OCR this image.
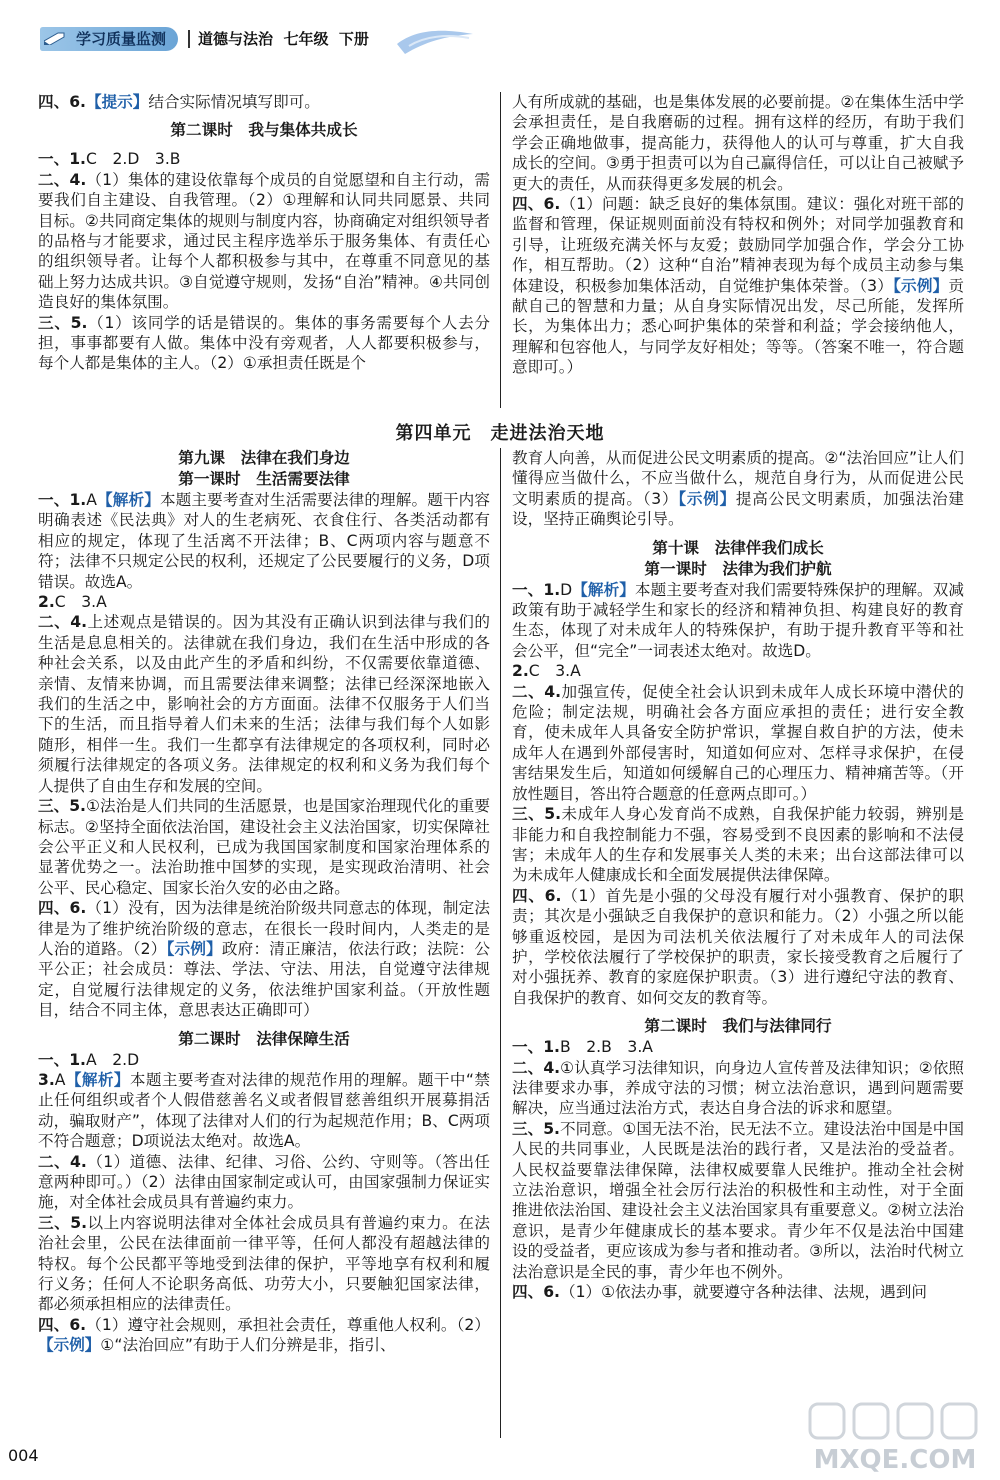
学习质量监测	道德与法治  七年级  下册

四、6.【提示】结合实际情况填写即可。

第二课时　我与集体共成长

一、1.C　2.D　3.B

二、4.（1）集体的建设依靠每个成员的自觉愿望和自主行动，需要我们自主建设、自我管理。（2）①理解和认同共同愿景、共同目标。②共同商定集体的规则与制度内容，协商确定对组织领导者的品格与才能要求，通过民主程序选举乐于服务集体、有责任心的组织领导者。让每个人都积极参与其中，在尊重不同意见的基础上努力达成共识。③自觉遵守规则，发扬“自治”精神。④共同创造良好的集体氛围。

三、5.（1）该同学的话是错误的。集体的事务需要每个人去分担，事事都要有人做。集体中没有旁观者，人人都要积极参与，每个人都是集体的主人。（2）①承担责任既是个

人有所成就的基础，也是集体发展的必要前提。②在集体生活中学会承担责任，是自我磨砺的过程。拥有这样的经历，有助于我们学会正确地做事，提高能力，获得他人的认可与尊重，扩大自我成长的空间。③勇于担责可以为自己赢得信任，可以让自己被赋予更大的责任，从而获得更多发展的机会。

四、6.（1）问题：缺乏良好的集体氛围。建议：强化对班干部的监督和管理，保证规则面前没有特权和例外；对同学加强教育和引导，让班级充满关怀与友爱；鼓励同学加强合作，学会分工协作，相互帮助。（2）这种“自治”精神表现为每个成员主动参与集体建设，积极参加集体活动，自觉维护集体荣誉。（3）【示例】贡献自己的智慧和力量；从自身实际情况出发，尽己所能，发挥所长，为集体出力；悉心呵护集体的荣誉和利益；学会接纳他人，理解和包容他人，与同学友好相处；等等。（答案不唯一，符合题意即可。）

第四单元　走进法治天地

第九课　法律在我们身边

第一课时　生活需要法律

一、1.A【解析】本题主要考查对生活需要法律的理解。题干内容明确表述《民法典》对人的生老病死、衣食住行、各类活动都有相应的规定，体现了生活离不开法律；B、C两项内容与题意不符；法律不只规定公民的权利，还规定了公民要履行的义务，D项错误。故选A。

2.C　3.A

二、4.上述观点是错误的。因为其没有正确认识到法律与我们的生活是息息相关的。法律就在我们身边，我们在生活中形成的各种社会关系，以及由此产生的矛盾和纠纷，不仅需要依靠道德、亲情、友情来协调，而且需要法律来调整；法律已经深深地嵌入我们的生活之中，影响社会的方方面面。法律不仅服务于人们当下的生活，而且指导着人们未来的生活；法律与我们每个人如影随形，相伴一生。我们一生都享有法律规定的各项权利，同时必须履行法律规定的各项义务。法律规定的权利和义务为我们每个人提供了自由生存和发展的空间。

三、5.①法治是人们共同的生活愿景，也是国家治理现代化的重要标志。②坚持全面依法治国，建设社会主义法治国家，切实保障社会公平正义和人民权利，已成为我国国家制度和国家治理体系的显著优势之一。法治助推中国梦的实现，是实现政治清明、社会公平、民心稳定、国家长治久安的必由之路。

四、6.（1）没有，因为法律是统治阶级共同意志的体现，制定法律是为了维护统治阶级的意志，在很长一段时间内，人类走的是人治的道路。（2）【示例】政府：清正廉洁，依法行政；法院：公平公正；社会成员：尊法、学法、守法、用法，自觉遵守法律规定，自觉履行法律规定的义务，依法维护国家利益。（开放性题目，结合不同主体，意思表达正确即可）

第二课时　法律保障生活

一、1.A　2.D

3.A【解析】本题主要考查对法律的规范作用的理解。题干中“禁止任何组织或者个人假借慈善名义或者假冒慈善组织开展募捐活动，骗取财产”，体现了法律对人们的行为起规范作用；B、C两项不符合题意；D项说法太绝对。故选A。

二、4.（1）道德、法律、纪律、习俗、公约、守则等。（答出任意两种即可。）（2）法律由国家制定或认可，由国家强制力保证实施，对全体社会成员具有普遍约束力。

三、5.以上内容说明法律对全体社会成员具有普遍约束力。在法治社会里，公民在法律面前一律平等，任何人都没有超越法律的特权。每个公民都平等地受到法律的保护，平等地享有权利和履行义务；任何人不论职务高低、功劳大小，只要触犯国家法律，都必须承担相应的法律责任。

四、6.（1）遵守社会规则，承担社会责任，尊重他人权利。（2）【示例】①“法治回应”有助于人们分辨是非，指引、

教育人向善，从而促进公民文明素质的提高。②“法治回应”让人们懂得应当做什么，不应当做什么，规范自身行为，从而促进公民文明素质的提高。（3）【示例】提高公民文明素质，加强法治建设，坚持正确舆论引导。

第十课　法律伴我们成长

第一课时　法律为我们护航

一、1.D【解析】本题主要考查对我们需要特殊保护的理解。双减政策有助于减轻学生和家长的经济和精神负担、构建良好的教育生态，体现了对未成年人的特殊保护，有助于提升教育平等和社会公平，但“完全”一词表述太绝对。故选D。

2.C　3.A

二、4.加强宣传，促使全社会认识到未成年人成长环境中潜伏的危险；制定法规，明确社会各方面应承担的责任；进行安全教育，使未成年人具备安全防护常识，掌握自救自护的方法，使未成年人在遇到外部侵害时，知道如何应对、怎样寻求保护，在侵害结果发生后，知道如何缓解自己的心理压力、精神痛苦等。（开放性题目，答出符合题意的任意两点即可。）

三、5.未成年人身心发育尚不成熟，自我保护能力较弱，辨别是非能力和自我控制能力不强，容易受到不良因素的影响和不法侵害；未成年人的生存和发展事关人类的未来；出台这部法律可以为未成年人健康成长和全面发展提供法律保障。

四、6.（1）首先是小强的父母没有履行对小强教育、保护的职责；其次是小强缺乏自我保护的意识和能力。（2）小强之所以能够重返校园，是因为司法机关依法履行了对未成年人的司法保护，学校依法履行了学校保护的职责，家长接受教育之后履行了对小强抚养、教育的家庭保护职责。（3）进行遵纪守法的教育、自我保护的教育、如何交友的教育等。

第二课时　我们与法律同行

一、1.B　2.B　3.A

二、4.①认真学习法律知识，向身边人宣传普及法律知识；②依照法律要求办事，养成守法的习惯；树立法治意识，遇到问题需要解决，应当通过法治方式，表达自身合法的诉求和愿望。

三、5.不同意。①国无法不治，民无法不立。建设法治中国是中国人民的共同事业，人民既是法治的践行者，又是法治的受益者。人民权益要靠法律保障，法律权威要靠人民维护。推动全社会树立法治意识，增强全社会厉行法治的积极性和主动性，对于全面推进依法治国、建设社会主义法治国家具有重要意义。②树立法治意识，是青少年健康成长的基本要求。青少年不仅是法治中国建设的受益者，更应该成为参与者和推动者。③所以，法治时代树立法治意识是全民的事，青少年也不例外。

四、6.（1）①依法办事，就要遵守各种法律、法规，遇到问

004	MXQE.COM
